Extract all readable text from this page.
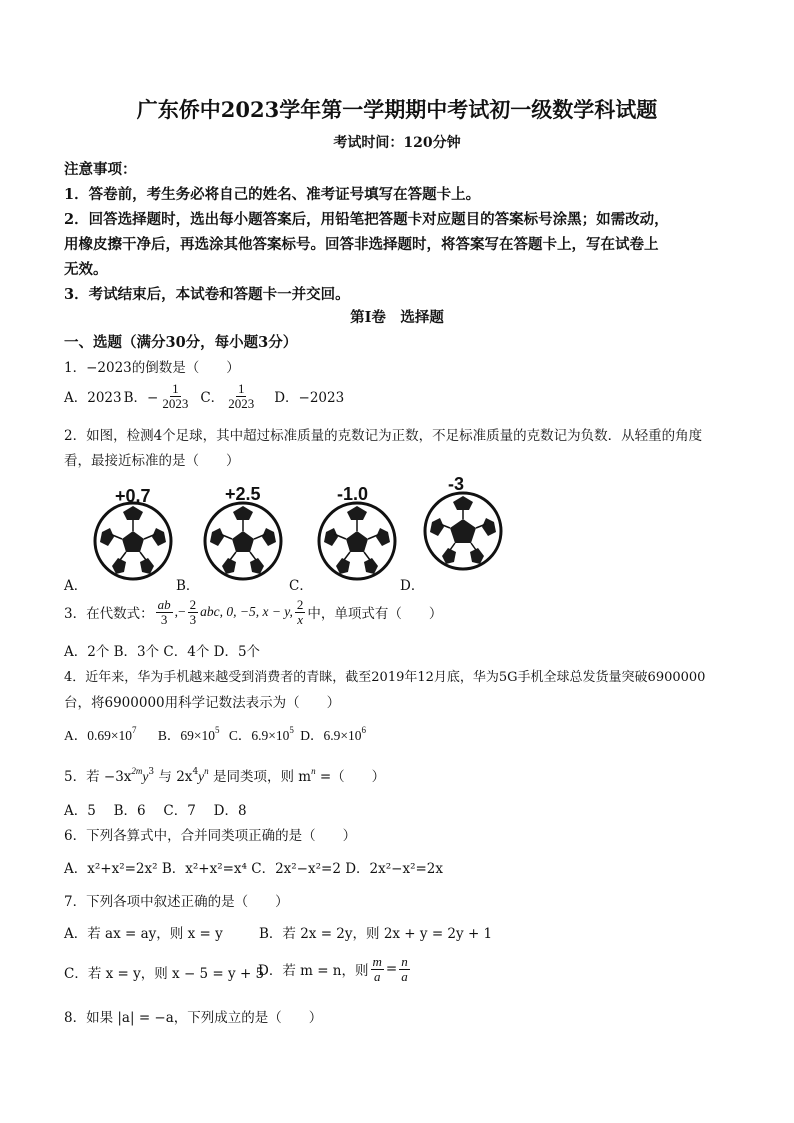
广东侨中2023学年第一学期期中考试初一级数学科试题
考试时间：120分钟
注意事项：
1．答卷前，考生务必将自己的姓名、准考证号填写在答题卡上。
2．回答选择题时，选出每小题答案后，用铅笔把答题卡对应题目的答案标号涂黑；如需改动，
用橡皮擦干净后，再选涂其他答案标号。回答非选择题时，将答案写在答题卡上，写在试卷上
无效。
3．考试结束后，本试卷和答题卡一并交回。
第Ⅰ卷　选择题
一、选题（满分30分，每小题3分）
1．−2023的倒数是（　　）
A．2023 B．− $\frac{1}{2023}$ C． $\frac{1}{2023}$ D．−2023
2．如图，检测4个足球，其中超过标准质量的克数记为正数，不足标准质量的克数记为负数．从轻重的角度
看，最接近标准的是（　　）
+0.7	+2.5	-1.0	-3
A．	B．	C．	D．
3．在代数式： $\frac{ab}{3}$ ,− $\frac{2}{3}$ abc, 0, −5, x − y, $\frac{2}{x}$ 中，单项式有（　　）
A．2个 B．3个 C．4个 D．5个
4．近年来，华为手机越来越受到消费者的青睐，截至2019年12月底，华为5G手机全球总发货量突破6900000
台，将6900000用科学记数法表示为（　　）
A．$0.69\times 10^7$ B．$69\times 10^5$ C．$6.9\times 10^5$ D．$6.9\times 10^6$
5．若 $-3x^{2m}y^3$ 与 $2x^4y^n$ 是同类项，则 $m^n$ =（　　）
A．5　 B．6　 C．7　 D．8
6．下列各算式中，合并同类项正确的是（　　）
A．x²+x²=2x² B．x²+x²=x⁴ C．2x²−x²=2 D．2x²−x²=2x
7．下列各项中叙述正确的是（　　）
A．若 ax = ay，则 x = y	B．若 2x = 2y，则 2x + y = 2y + 1
C．若 x = y，则 x − 5 = y + 5
D．若 m = n，则 $\frac{m}{a} = \frac{n}{a}$
8．如果 |a| = −a，下列成立的是（　　）
